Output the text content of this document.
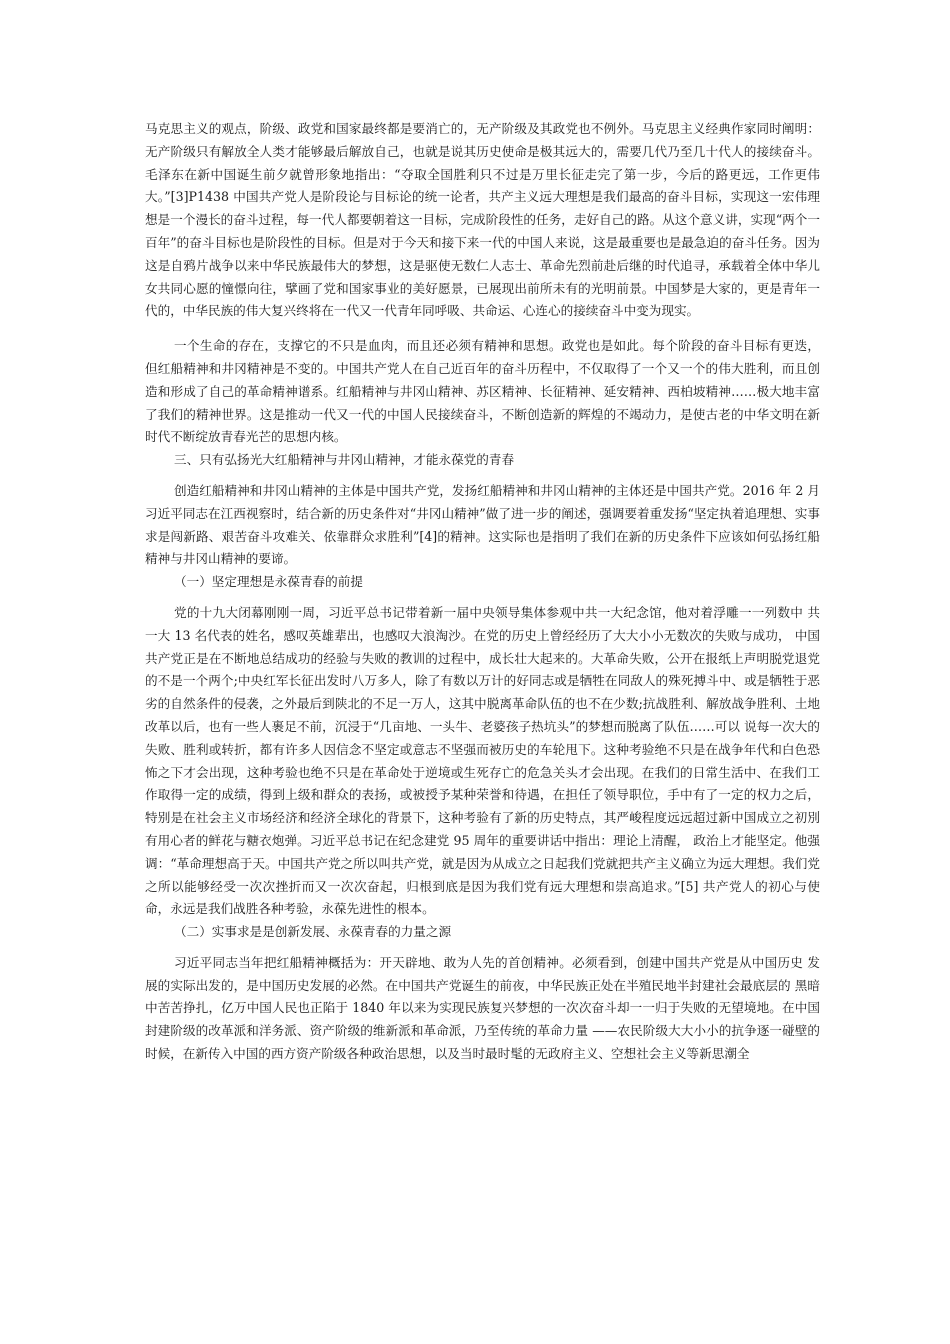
马克思主义的观点，阶级、政党和国家最终都是要消亡的，无产阶级及其政党也不例外。马克思主义经典作家同时阐明： 无产阶级只有解放全人类才能够最后解放自己，也就是说其历史使命是极其远大的，需要几代乃至几十代人的接续奋斗。毛泽东在新中国诞生前夕就曾形象地指出：“夺取全国胜利只不过是万里长征走完了第一步，今后的路更远，工作更伟大。”[3]P1438 中国共产党人是阶段论与目标论的统一论者，共产主义远大理想是我们最高的奋斗目标，实现这一宏伟理想是一个漫长的奋斗过程，每一代人都要朝着这一目标，完成阶段性的任务，走好自己的路。从这个意义讲，实现“两个一百年”的奋斗目标也是阶段性的目标。但是对于今天和接下来一代的中国人来说，这是最重要也是最急迫的奋斗任务。因为这是自鸦片战争以来中华民族最伟大的梦想，这是驱使无数仁人志士、革命先烈前赴后继的时代追寻，承载着全体中华儿女共同心愿的憧憬向往，擘画了党和国家事业的美好愿景，已展现出前所未有的光明前景。中国梦是大家的，更是青年一代的，中华民族的伟大复兴终将在一代又一代青年同呼吸、共命运、心连心的接续奋斗中变为现实。

一个生命的存在，支撑它的不只是血肉，而且还必须有精神和思想。政党也是如此。每个阶段的奋斗目标有更迭， 但红船精神和井冈精神是不变的。中国共产党人在自己近百年的奋斗历程中，不仅取得了一个又一个的伟大胜利，而且创造和形成了自己的革命精神谱系。红船精神与井冈山精神、苏区精神、长征精神、延安精神、西柏坡精神……极大地丰富了我们的精神世界。这是推动一代又一代的中国人民接续奋斗，不断创造新的辉煌的不竭动力，是使古老的中华文明在新时代不断绽放青春光芒的思想内核。

三、只有弘扬光大红船精神与井冈山精神，才能永葆党的青春

创造红船精神和井冈山精神的主体是中国共产党，发扬红船精神和井冈山精神的主体还是中国共产党。2016 年 2 月习近平同志在江西视察时，结合新的历史条件对“井冈山精神”做了进一步的阐述，强调要着重发扬“坚定执着追理想、实事求是闯新路、艰苦奋斗攻难关、依靠群众求胜利”[4]的精神。这实际也是指明了我们在新的历史条件下应该如何弘扬红船精神与井冈山精神的要谛。

（一）坚定理想是永葆青春的前提

党的十九大闭幕刚刚一周，习近平总书记带着新一届中央领导集体参观中共一大纪念馆，他对着浮雕一一列数中 共一大 13 名代表的姓名，感叹英雄辈出，也感叹大浪淘沙。在党的历史上曾经经历了大大小小无数次的失败与成功， 中国共产党正是在不断地总结成功的经验与失败的教训的过程中，成长壮大起来的。大革命失败，公开在报纸上声明脱党退党的不是一个两个;中央红军长征出发时八万多人，除了有数以万计的好同志或是牺牲在同敌人的殊死搏斗中、或是牺牲于恶劣的自然条件的侵袭，之外最后到陕北的不足一万人，这其中脱离革命队伍的也不在少数;抗战胜利、解放战争胜利、土地改革以后，也有一些人裹足不前，沉浸于“几亩地、一头牛、老婆孩子热坑头”的梦想而脱离了队伍……可以 说每一次大的失败、胜利或转折，都有许多人因信念不坚定或意志不坚强而被历史的车轮甩下。这种考验绝不只是在战争年代和白色恐怖之下才会出现，这种考验也绝不只是在革命处于逆境或生死存亡的危急关头才会出现。在我们的日常生活中、在我们工作取得一定的成绩，得到上级和群众的表扬，或被授予某种荣誉和待遇，在担任了领导职位，手中有了一定的权力之后，特别是在社会主义市场经济和经济全球化的背景下，这种考验有了新的历史特点，其严峻程度远远超过新中国成立之初別有用心者的鲜花与糖衣炮弹。习近平总书记在纪念建党 95 周年的重要讲话中指出：理论上清醒， 政治上才能坚定。他强调：“革命理想高于天。中国共产党之所以叫共产党，就是因为从成立之日起我们党就把共产主义确立为远大理想。我们党之所以能够经受一次次挫折而又一次次奋起，归根到底是因为我们党有远大理想和崇高追求。”[5] 共产党人的初心与使命，永远是我们战胜各种考验，永葆先进性的根本。

（二）实事求是是创新发展、永葆青春的力量之源

习近平同志当年把红船精神概括为：开天辟地、敢为人先的首创精神。必须看到，创建中国共产党是从中国历史 发展的实际出发的，是中国历史发展的必然。在中国共产党诞生的前夜，中华民族正处在半殖民地半封建社会最底层的 黑暗中苦苦挣扎，亿万中国人民也正陷于 1840 年以来为实现民族复兴梦想的一次次奋斗却一一归于失败的无望境地。在中国封建阶级的改革派和洋务派、资产阶级的维新派和革命派，乃至传统的革命力量 ——农民阶级大大小小的抗争逐一碰壁的时候，在新传入中国的西方资产阶级各种政治思想，以及当时最时髦的无政府主义、空想社会主义等新思潮全
